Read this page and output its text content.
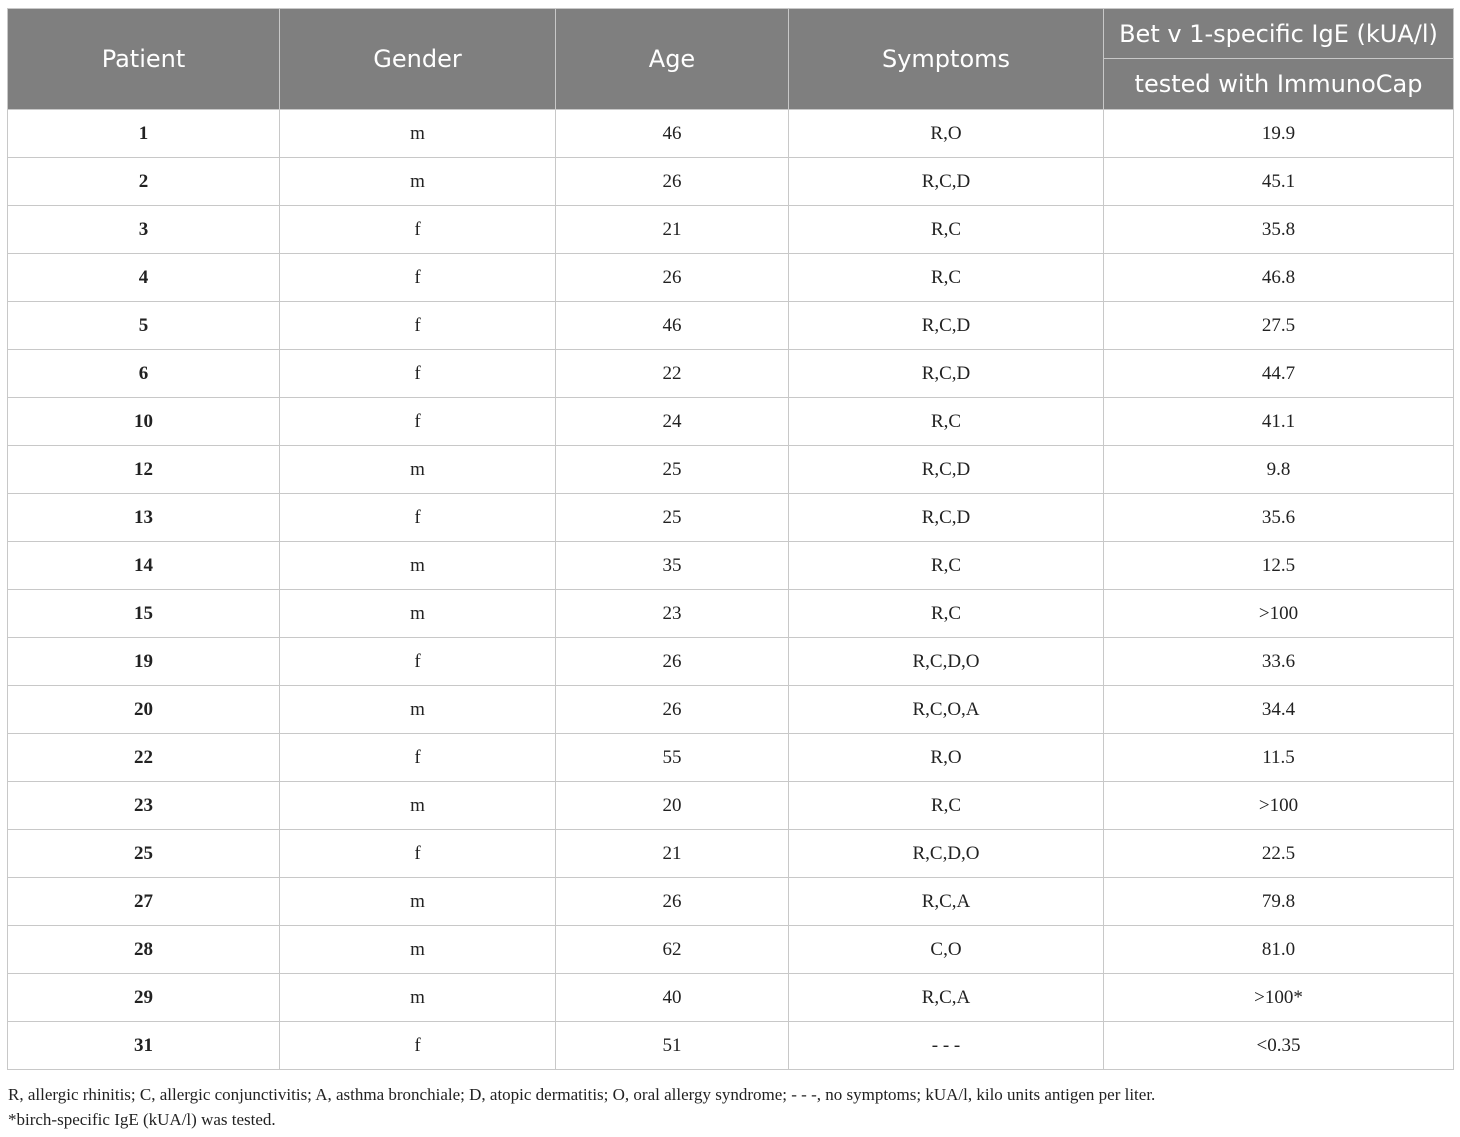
Patient	Gender	Age	Symptoms	Bet v 1-specific IgE (kUA/l)
				tested with ImmunoCap
1	m	46	R,O	19.9
2	m	26	R,C,D	45.1
3	f	21	R,C	35.8
4	f	26	R,C	46.8
5	f	46	R,C,D	27.5
6	f	22	R,C,D	44.7
10	f	24	R,C	41.1
12	m	25	R,C,D	9.8
13	f	25	R,C,D	35.6
14	m	35	R,C	12.5
15	m	23	R,C	>100
19	f	26	R,C,D,O	33.6
20	m	26	R,C,O,A	34.4
22	f	55	R,O	11.5
23	m	20	R,C	>100
25	f	21	R,C,D,O	22.5
27	m	26	R,C,A	79.8
28	m	62	C,O	81.0
29	m	40	R,C,A	>100*
31	f	51	- - -	<0.35

R, allergic rhinitis; C, allergic conjunctivitis; A, asthma bronchiale; D, atopic dermatitis; O, oral allergy syndrome; - - -, no symptoms; kUA/l, kilo units antigen per liter.

*birch-specific IgE (kUA/l) was tested.
